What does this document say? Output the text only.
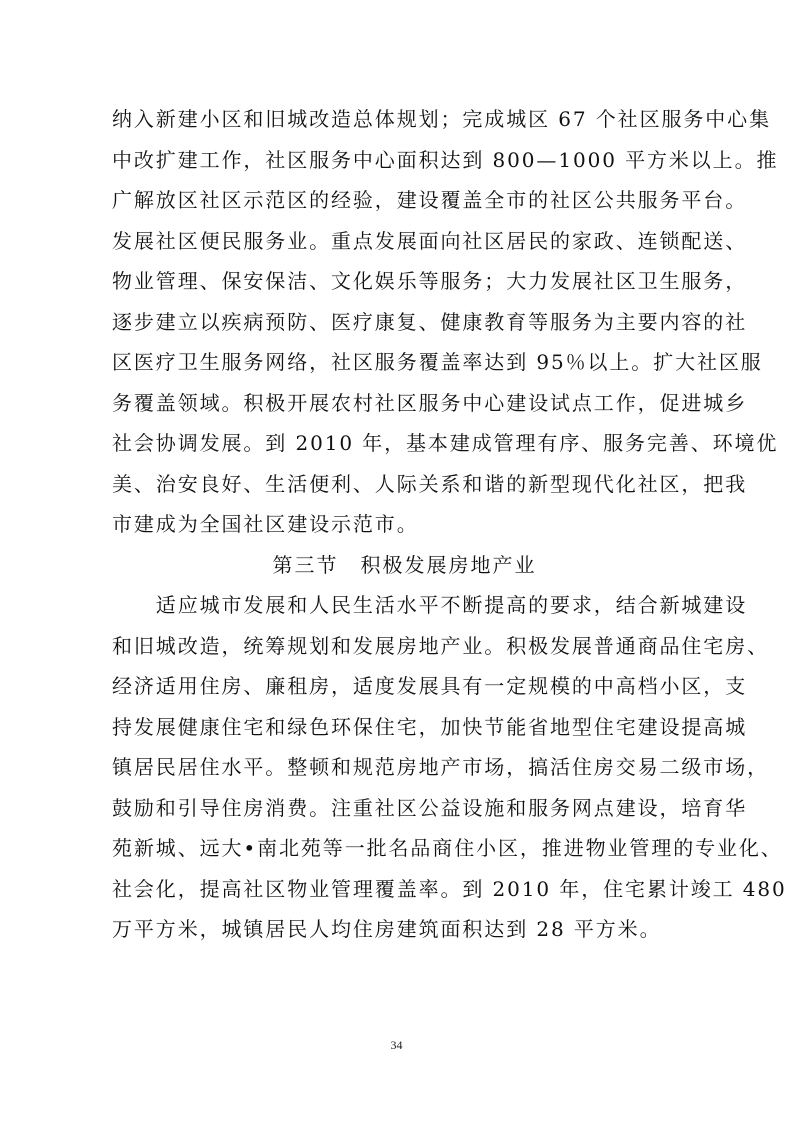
纳入新建小区和旧城改造总体规划；完成城区 67 个社区服务中心集
中改扩建工作，社区服务中心面积达到 800—1000 平方米以上。推
广解放区社区示范区的经验，建设覆盖全市的社区公共服务平台。
发展社区便民服务业。重点发展面向社区居民的家政、连锁配送、
物业管理、保安保洁、文化娱乐等服务；大力发展社区卫生服务，
逐步建立以疾病预防、医疗康复、健康教育等服务为主要内容的社
区医疗卫生服务网络，社区服务覆盖率达到 95％以上。扩大社区服
务覆盖领域。积极开展农村社区服务中心建设试点工作，促进城乡
社会协调发展。到 2010 年，基本建成管理有序、服务完善、环境优
美、治安良好、生活便利、人际关系和谐的新型现代化社区，把我
市建成为全国社区建设示范市。
第三节　积极发展房地产业
　　适应城市发展和人民生活水平不断提高的要求，结合新城建设
和旧城改造，统筹规划和发展房地产业。积极发展普通商品住宅房、
经济适用住房、廉租房，适度发展具有一定规模的中高档小区，支
持发展健康住宅和绿色环保住宅，加快节能省地型住宅建设提高城
镇居民居住水平。整顿和规范房地产市场，搞活住房交易二级市场，
鼓励和引导住房消费。注重社区公益设施和服务网点建设，培育华
苑新城、远大•南北苑等一批名品商住小区，推进物业管理的专业化、
社会化，提高社区物业管理覆盖率。到 2010 年，住宅累计竣工 480
万平方米，城镇居民人均住房建筑面积达到 28 平方米。
34
